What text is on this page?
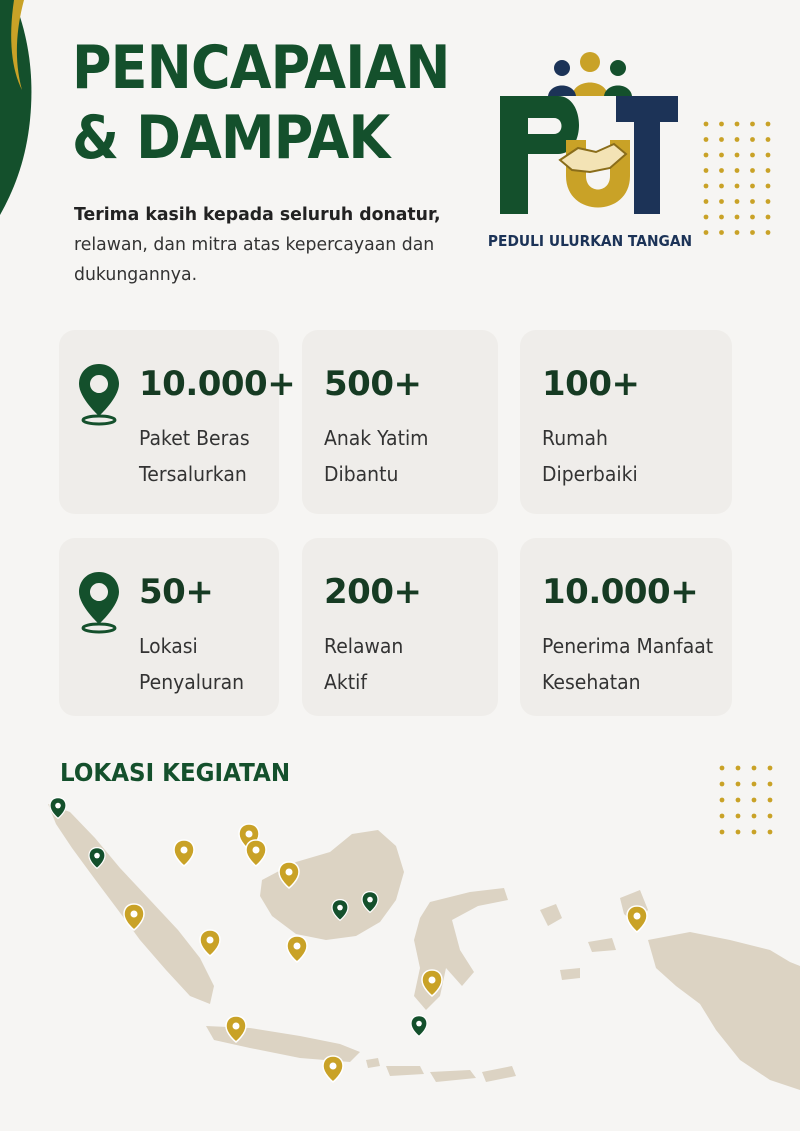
PENCAPAIAN
& DAMPAK
Terima kasih kepada seluruh donatur, relawan, dan mitra atas kepercayaan dan dukungannya.
PEDULI ULURKAN TANGAN
10.000+
Paket Beras
Tersalurkan
500+
Anak Yatim
Dibantu
100+
Rumah
Diperbaiki
50+
Lokasi
Penyaluran
200+
Relawan
Aktif
10.000+
Penerima Manfaat
Kesehatan
LOKASI KEGIATAN
